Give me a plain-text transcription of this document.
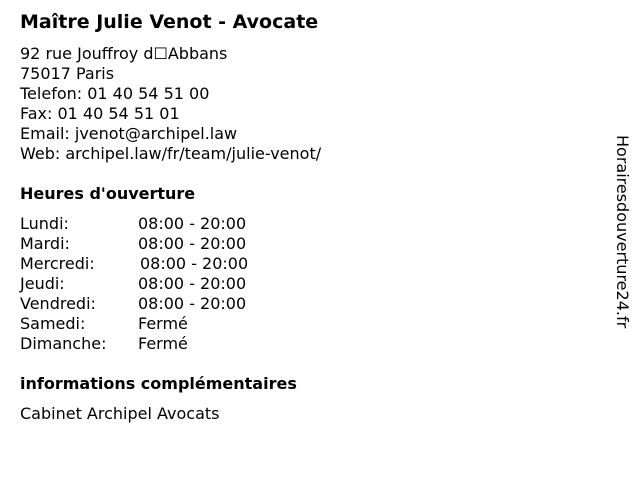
Maître Julie Venot - Avocate
92 rue Jouffroy d☐Abbans
75017 Paris
Telefon: 01 40 54 51 00
Fax: 01 40 54 51 01
Email: jvenot@archipel.law
Web: archipel.law/fr/team/julie-venot/
Heures d'ouverture
Lundi:	08:00 - 20:00
Mardi:	08:00 - 20:00
Mercredi:	08:00 - 20:00
Jeudi:	08:00 - 20:00
Vendredi:	08:00 - 20:00
Samedi:	Fermé
Dimanche: Fermé
informations complémentaires
Cabinet Archipel Avocats
Horairesdouverture24.fr
